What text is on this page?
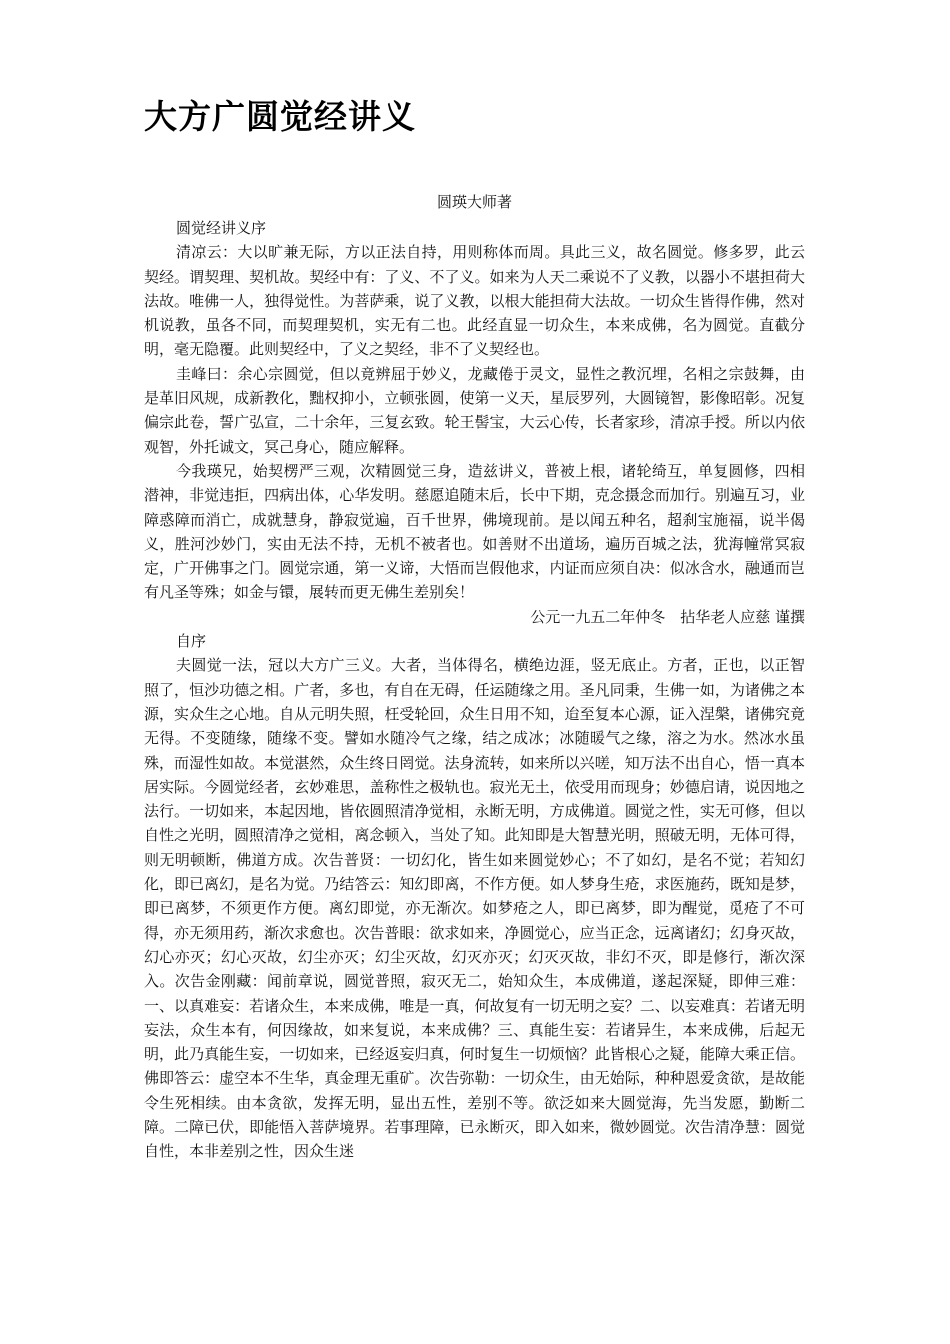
大方广圆觉经讲义
圆瑛大师著

圆觉经讲义序

清凉云：大以旷兼无际，方以正法自持，用则称体而周。具此三义，故名圆觉。修多罗，此云契经。谓契理、契机故。契经中有：了义、不了义。如来为人天二乘说不了义教，以器小不堪担荷大法故。唯佛一人，独得觉性。为菩萨乘，说了义教，以根大能担荷大法故。一切众生皆得作佛，然对机说教，虽各不同，而契理契机，实无有二也。此经直显一切众生，本来成佛，名为圆觉。直截分明，毫无隐覆。此则契经中，了义之契经，非不了义契经也。

圭峰曰：余心宗圆觉，但以竟辨屈于妙义，龙藏倦于灵文，显性之教沉埋，名相之宗鼓舞，由是革旧风规，成新教化，黜权抑小，立顿张圆，使第一义天，星辰罗列，大圆镜智，影像昭彰。况复偏宗此卷，誓广弘宣，二十余年，三复玄致。轮王髻宝，大云心传，长者家珍，清凉手授。所以内依观智，外托诚文，冥己身心，随应解释。

今我瑛兄，始契楞严三观，次精圆觉三身，造兹讲义，普被上根，诸轮绮互，单复圆修，四相潜神，非觉违拒，四病出体，心华发明。慈愿追随末后，长中下期，克念摄念而加行。别遍互习，业障惑障而消亡，成就慧身，静寂觉遍，百千世界，佛境现前。是以闻五种名，超刹宝施福，说半偈义，胜河沙妙门，实由无法不持，无机不被者也。如善财不出道场，遍历百城之法，犹海幢常冥寂定，广开佛事之门。圆觉宗通，第一义谛，大悟而岂假他求，内证而应须自决：似冰含水，融通而岂有凡圣等殊；如金与镮，展转而更无佛生差别矣！

公元一九五二年仲冬　拈华老人应慈 谨撰

自序

夫圆觉一法，冠以大方广三义。大者，当体得名，横绝边涯，竖无底止。方者，正也，以正智照了，恒沙功德之相。广者，多也，有自在无碍，任运随缘之用。圣凡同秉，生佛一如，为诸佛之本源，实众生之心地。自从元明失照，枉受轮回，众生日用不知，迨至复本心源，证入涅槃，诸佛究竟无得。不变随缘，随缘不变。譬如水随冷气之缘，结之成冰；冰随暖气之缘，溶之为水。然冰水虽殊，而湿性如故。本觉湛然，众生终日罔觉。法身流转，如来所以兴嗟，知万法不出自心，悟一真本居实际。今圆觉经者，玄妙难思，盖称性之极轨也。寂光无土，依受用而现身；妙德启请，说因地之法行。一切如来，本起因地，皆依圆照清净觉相，永断无明，方成佛道。圆觉之性，实无可修，但以自性之光明，圆照清净之觉相，离念顿入，当处了知。此知即是大智慧光明，照破无明，无体可得，则无明顿断，佛道方成。次告普贤：一切幻化，皆生如来圆觉妙心；不了如幻，是名不觉；若知幻化，即已离幻，是名为觉。乃结答云：知幻即离，不作方便。如人梦身生疮，求医施药，既知是梦，即已离梦，不须更作方便。离幻即觉，亦无渐次。如梦疮之人，即已离梦，即为醒觉，觅疮了不可得，亦无须用药，渐次求愈也。次告普眼：欲求如来，净圆觉心，应当正念，远离诸幻；幻身灭故，幻心亦灭；幻心灭故，幻尘亦灭；幻尘灭故，幻灭亦灭；幻灭灭故，非幻不灭，即是修行，渐次深入。次告金刚藏：闻前章说，圆觉普照，寂灭无二，始知众生，本成佛道，遂起深疑，即伸三难：一、以真难妄：若诸众生，本来成佛，唯是一真，何故复有一切无明之妄？二、以妄难真：若诸无明妄法，众生本有，何因缘故，如来复说，本来成佛？三、真能生妄：若诸异生，本来成佛，后起无明，此乃真能生妄，一切如来，已经返妄归真，何时复生一切烦恼？此皆根心之疑，能障大乘正信。佛即答云：虚空本不生华，真金理无重矿。次告弥勒：一切众生，由无始际，种种恩爱贪欲，是故能令生死相续。由本贪欲，发挥无明，显出五性，差别不等。欲泛如来大圆觉海，先当发愿，勤断二障。二障已伏，即能悟入菩萨境界。若事理障，已永断灭，即入如来，微妙圆觉。次告清净慧：圆觉自性，本非差别之性，因众生迷
